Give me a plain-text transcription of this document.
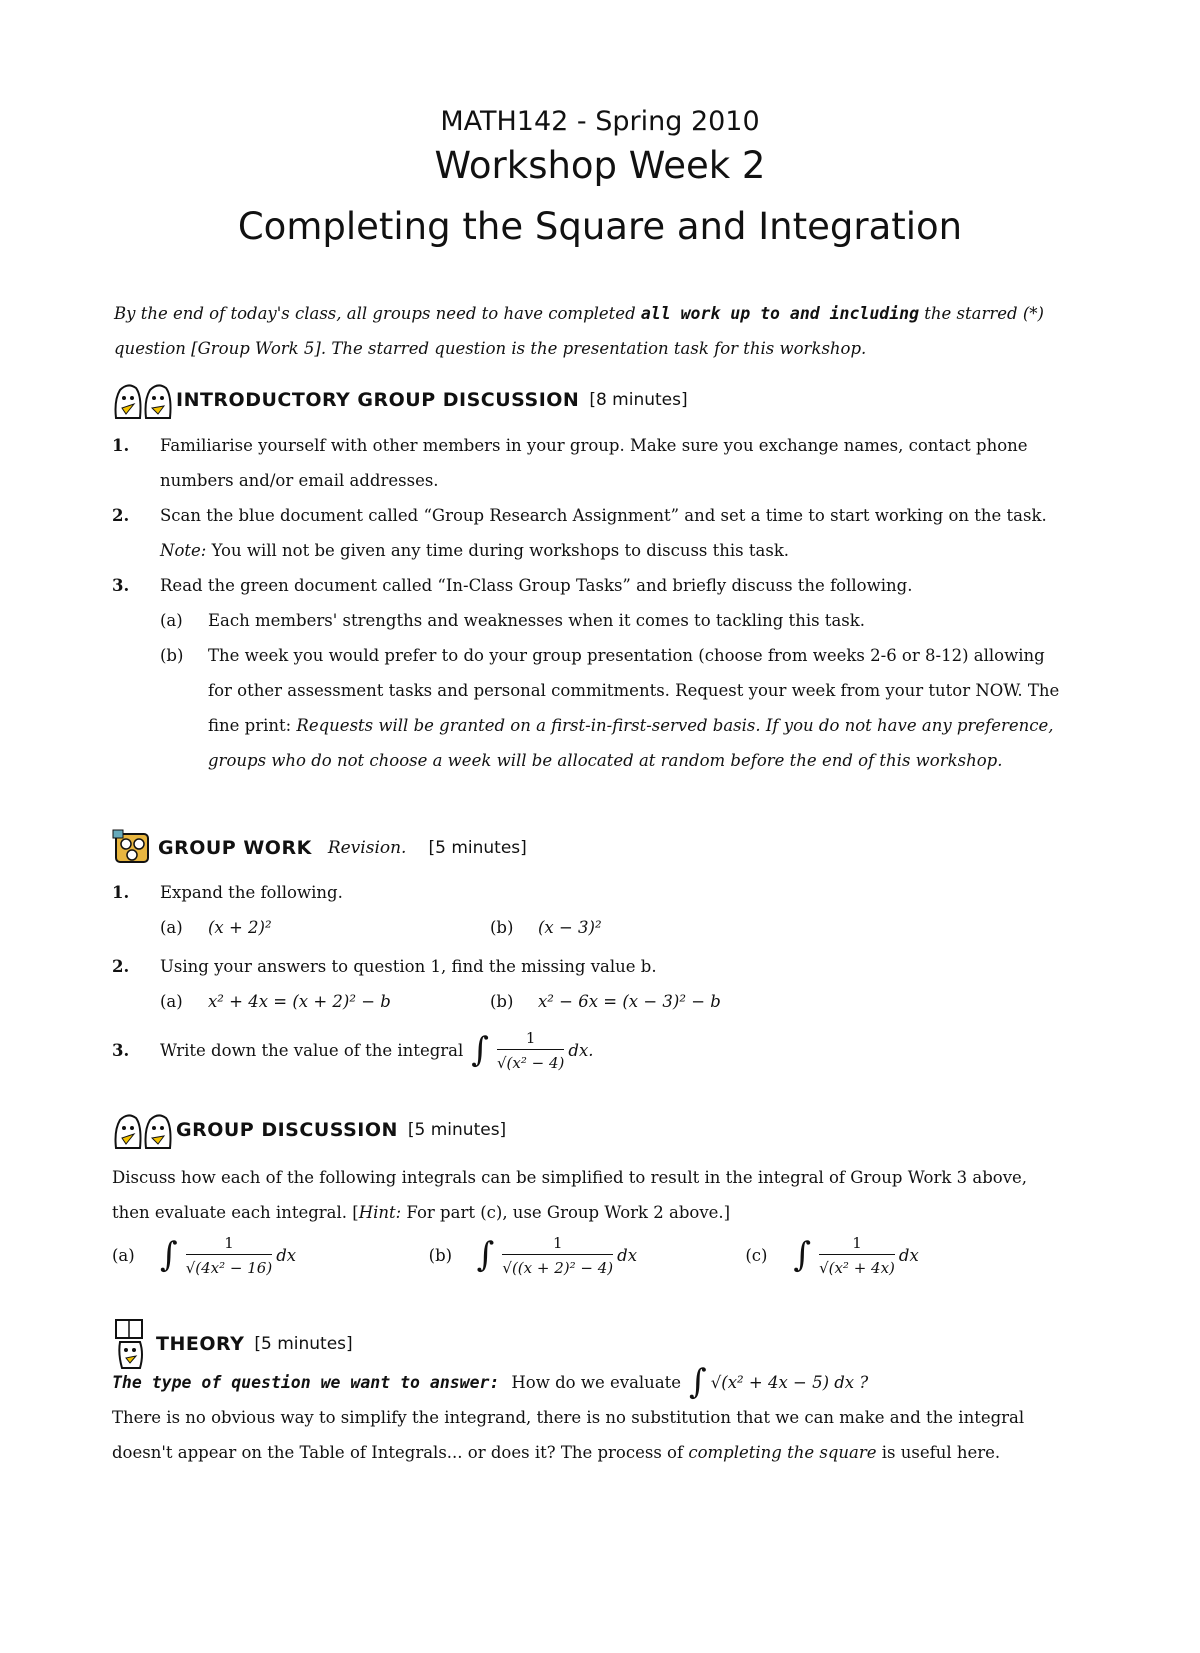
MATH142 - Spring 2010
Workshop Week 2
Completing the Square and Integration
By the end of today's class, all groups need to have completed all work up to and including the starred (*) question [Group Work 5]. The starred question is the presentation task for this workshop.
INTRODUCTORY GROUP DISCUSSION [8 minutes]
1.	Familiarise yourself with other members in your group. Make sure you exchange names, contact phone numbers and/or email addresses.
2.	Scan the blue document called “Group Research Assignment” and set a time to start working on the task.
Note: You will not be given any time during workshops to discuss this task.
3.	Read the green document called “In-Class Group Tasks” and briefly discuss the following.
(a)	Each members' strengths and weaknesses when it comes to tackling this task.
(b)	The week you would prefer to do your group presentation (choose from weeks 2-6 or 8-12) allowing for other assessment tasks and personal commitments. Request your week from your tutor NOW. The fine print: Requests will be granted on a first-in-first-served basis. If you do not have any preference, groups who do not choose a week will be allocated at random before the end of this workshop.
GROUP WORK Revision. [5 minutes]
1.	Expand the following.
(a)	(x + 2)²	(b)	(x − 3)²
2.	Using your answers to question 1, find the missing value b.
(a)	x² + 4x = (x + 2)² − b	(b)	x² − 6x = (x − 3)² − b
3.	Write down the value of the integral ∫ $\frac{1}{\text{√(x² − 4)}}$ dx.
GROUP DISCUSSION [5 minutes]
Discuss how each of the following integrals can be simplified to result in the integral of Group Work 3 above,
then evaluate each integral. [Hint: For part (c), use Group Work 2 above.]
(a) ∫ $\frac{1}{\text{√(4x² − 16)}}$ dx	(b) ∫ $\frac{1}{\text{√((x + 2)² − 4)}}$ dx	(c) ∫ $\frac{1}{\text{√(x² + 4x)}}$ dx
THEORY [5 minutes]
The type of question we want to answer: How do we evaluate ∫ √(x² + 4x − 5) dx ?
There is no obvious way to simplify the integrand, there is no substitution that we can make and the integral
doesn't appear on the Table of Integrals... or does it? The process of completing the square is useful here.
